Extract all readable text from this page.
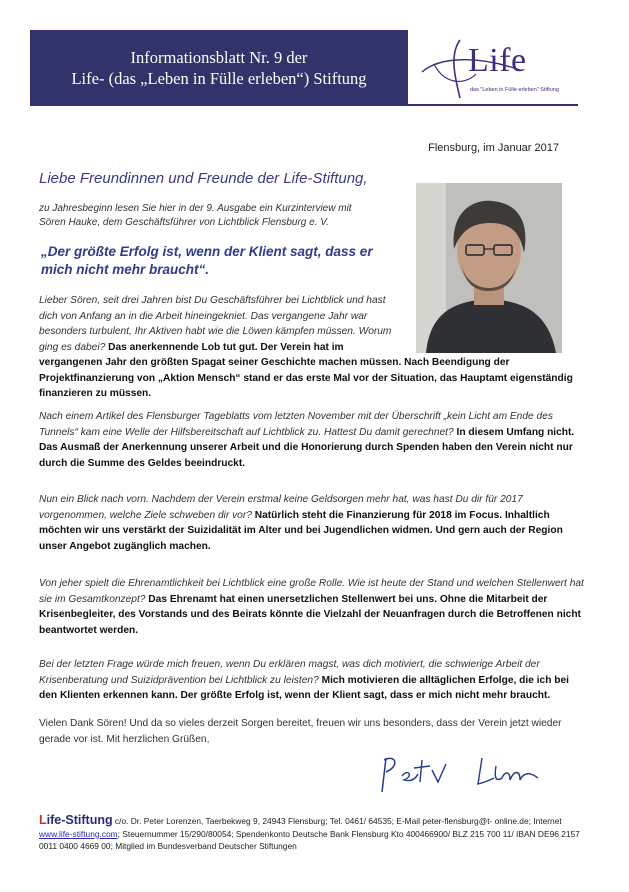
Informationsblatt Nr. 9 der
Life- (das „Leben in Fülle erleben“) Stiftung	Life
das "Leben in Fülle erleben" Stiftung
Flensburg, im Januar 2017
Liebe Freundinnen und Freunde der Life-Stiftung,
zu Jahresbeginn lesen Sie hier in der 9. Ausgabe ein Kurzinterview mit Sören Hauke, dem Geschäftsführer von Lichtblick Flensburg e. V.
„Der größte Erfolg ist, wenn der Klient sagt, dass er mich nicht mehr braucht“.
Lieber Sören, seit drei Jahren bist Du Geschäftsführer bei Lichtblick und hast dich von Anfang an in die Arbeit hineingekniet. Das vergangene Jahr war besonders turbulent, Ihr Aktiven habt wie die Löwen kämpfen müssen. Worum ging es dabei? Das anerkennende Lob tut gut. Der Verein hat im vergangenen Jahr den größten Spagat seiner Geschichte machen müssen. Nach Beendigung der Projektfinanzierung von „Aktion Mensch“ stand er das erste Mal vor der Situation, das Hauptamt eigenständig finanzieren zu müssen.
Nach einem Artikel des Flensburger Tageblatts vom letzten November mit der Überschrift „kein Licht am Ende des Tunnels“ kam eine Welle der Hilfsbereitschaft auf Lichtblick zu. Hattest Du damit gerechnet? In diesem Umfang nicht. Das Ausmaß der Anerkennung unserer Arbeit und die Honorierung durch Spenden haben den Verein nicht nur durch die Summe des Geldes beeindruckt.
Nun ein Blick nach vorn. Nachdem der Verein erstmal keine Geldsorgen mehr hat, was hast Du dir für 2017 vorgenommen, welche Ziele schweben dir vor? Natürlich steht die Finanzierung für 2018 im Focus. Inhaltlich möchten wir uns verstärkt der Suizidalität im Alter und bei Jugendlichen widmen. Und gern auch der Region unser Angebot zugänglich machen.
Von jeher spielt die Ehrenamtlichkeit bei Lichtblick eine große Rolle. Wie ist heute der Stand und welchen Stellenwert hat sie im Gesamtkonzept? Das Ehrenamt hat einen unersetzlichen Stellenwert bei uns. Ohne die Mitarbeit der Krisenbegleiter, des Vorstands und des Beirats könnte die Vielzahl der Neuanfragen durch die Betroffenen nicht beantwortet werden.
Bei der letzten Frage würde mich freuen, wenn Du erklären magst, was dich motiviert, die schwierige Arbeit der Krisenberatung und Suizidprävention bei Lichtblick zu leisten? Mich motivieren die alltäglichen Erfolge, die ich bei den Klienten erkennen kann. Der größte Erfolg ist, wenn der Klient sagt, dass er mich nicht mehr braucht.
Vielen Dank Sören! Und da so vieles derzeit Sorgen bereitet, freuen wir uns besonders, dass der Verein jetzt wieder gerade vor ist. Mit herzlichen Grüßen,
Life-Stiftung c/o. Dr. Peter Lorenzen, Taerbekweg 9, 24943 Flensburg; Tel. 0461/ 64535; E-Mail peter-flensburg@t- online.de; Internet www.life-stiftung.com; Steuernummer 15/290/80054; Spendenkonto Deutsche Bank Flensburg Kto 400466900/ BLZ 215 700 11/ IBAN DE96 2157 0011 0400 4669 00; Mitglied im Bundesverband Deutscher Stiftungen
